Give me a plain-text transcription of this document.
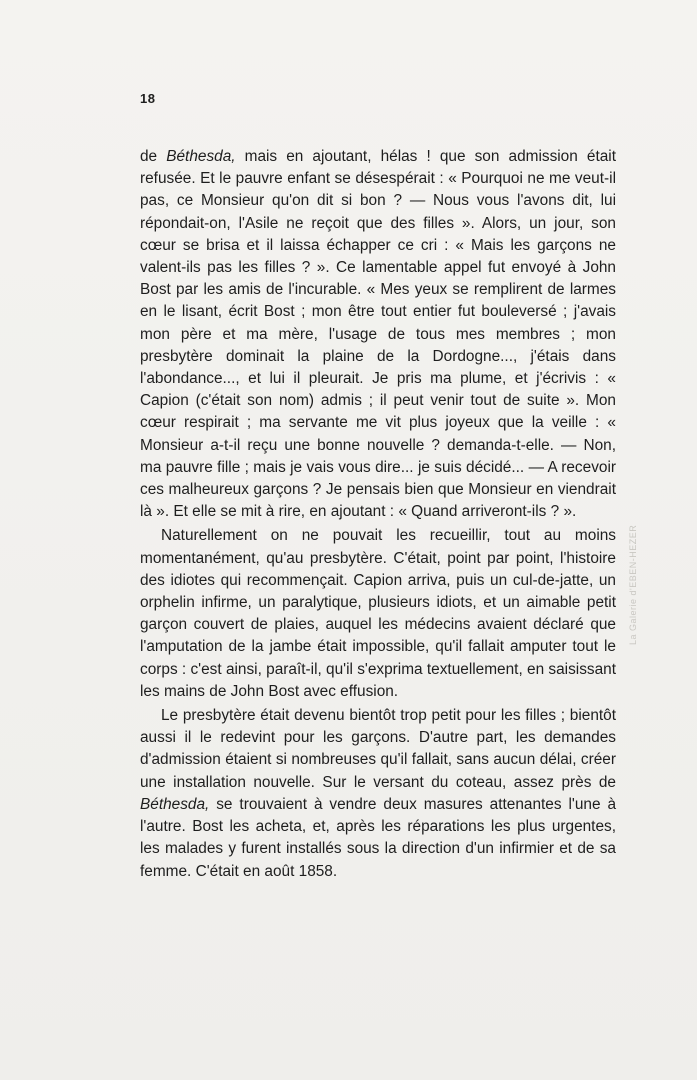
18

de Béthesda, mais en ajoutant, hélas ! que son admission était refusée. Et le pauvre enfant se désespérait : « Pourquoi ne me veut-il pas, ce Monsieur qu'on dit si bon ? — Nous vous l'avons dit, lui répondait-on, l'Asile ne reçoit que des filles ». Alors, un jour, son cœur se brisa et il laissa échapper ce cri : « Mais les garçons ne valent-ils pas les filles ? ». Ce lamentable appel fut envoyé à John Bost par les amis de l'incurable. « Mes yeux se remplirent de larmes en le lisant, écrit Bost ; mon être tout entier fut bouleversé ; j'avais mon père et ma mère, l'usage de tous mes membres ; mon presbytère dominait la plaine de la Dordogne..., j'étais dans l'abondance..., et lui il pleurait. Je pris ma plume, et j'écrivis : « Capion (c'était son nom) admis ; il peut venir tout de suite ». Mon cœur respirait ; ma servante me vit plus joyeux que la veille : « Monsieur a-t-il reçu une bonne nouvelle ? demanda-t-elle. — Non, ma pauvre fille ; mais je vais vous dire... je suis décidé... — A recevoir ces malheureux garçons ? Je pensais bien que Monsieur en viendrait là ». Et elle se mit à rire, en ajoutant : « Quand arriveront-ils ? ».

Naturellement on ne pouvait les recueillir, tout au moins momentanément, qu'au presbytère. C'était, point par point, l'histoire des idiotes qui recommençait. Capion arriva, puis un cul-de-jatte, un orphelin infirme, un paralytique, plusieurs idiots, et un aimable petit garçon couvert de plaies, auquel les médecins avaient déclaré que l'amputation de la jambe était impossible, qu'il fallait amputer tout le corps : c'est ainsi, paraît-il, qu'il s'exprima textuellement, en saisissant les mains de John Bost avec effusion.

Le presbytère était devenu bientôt trop petit pour les filles ; bientôt aussi il le redevint pour les garçons. D'autre part, les demandes d'admission étaient si nombreuses qu'il fallait, sans aucun délai, créer une installation nouvelle. Sur le versant du coteau, assez près de Béthesda, se trouvaient à vendre deux masures attenantes l'une à l'autre. Bost les acheta, et, après les réparations les plus urgentes, les malades y furent installés sous la direction d'un infirmier et de sa femme. C'était en août 1858.

La Galerie d'EBEN-HEZER
